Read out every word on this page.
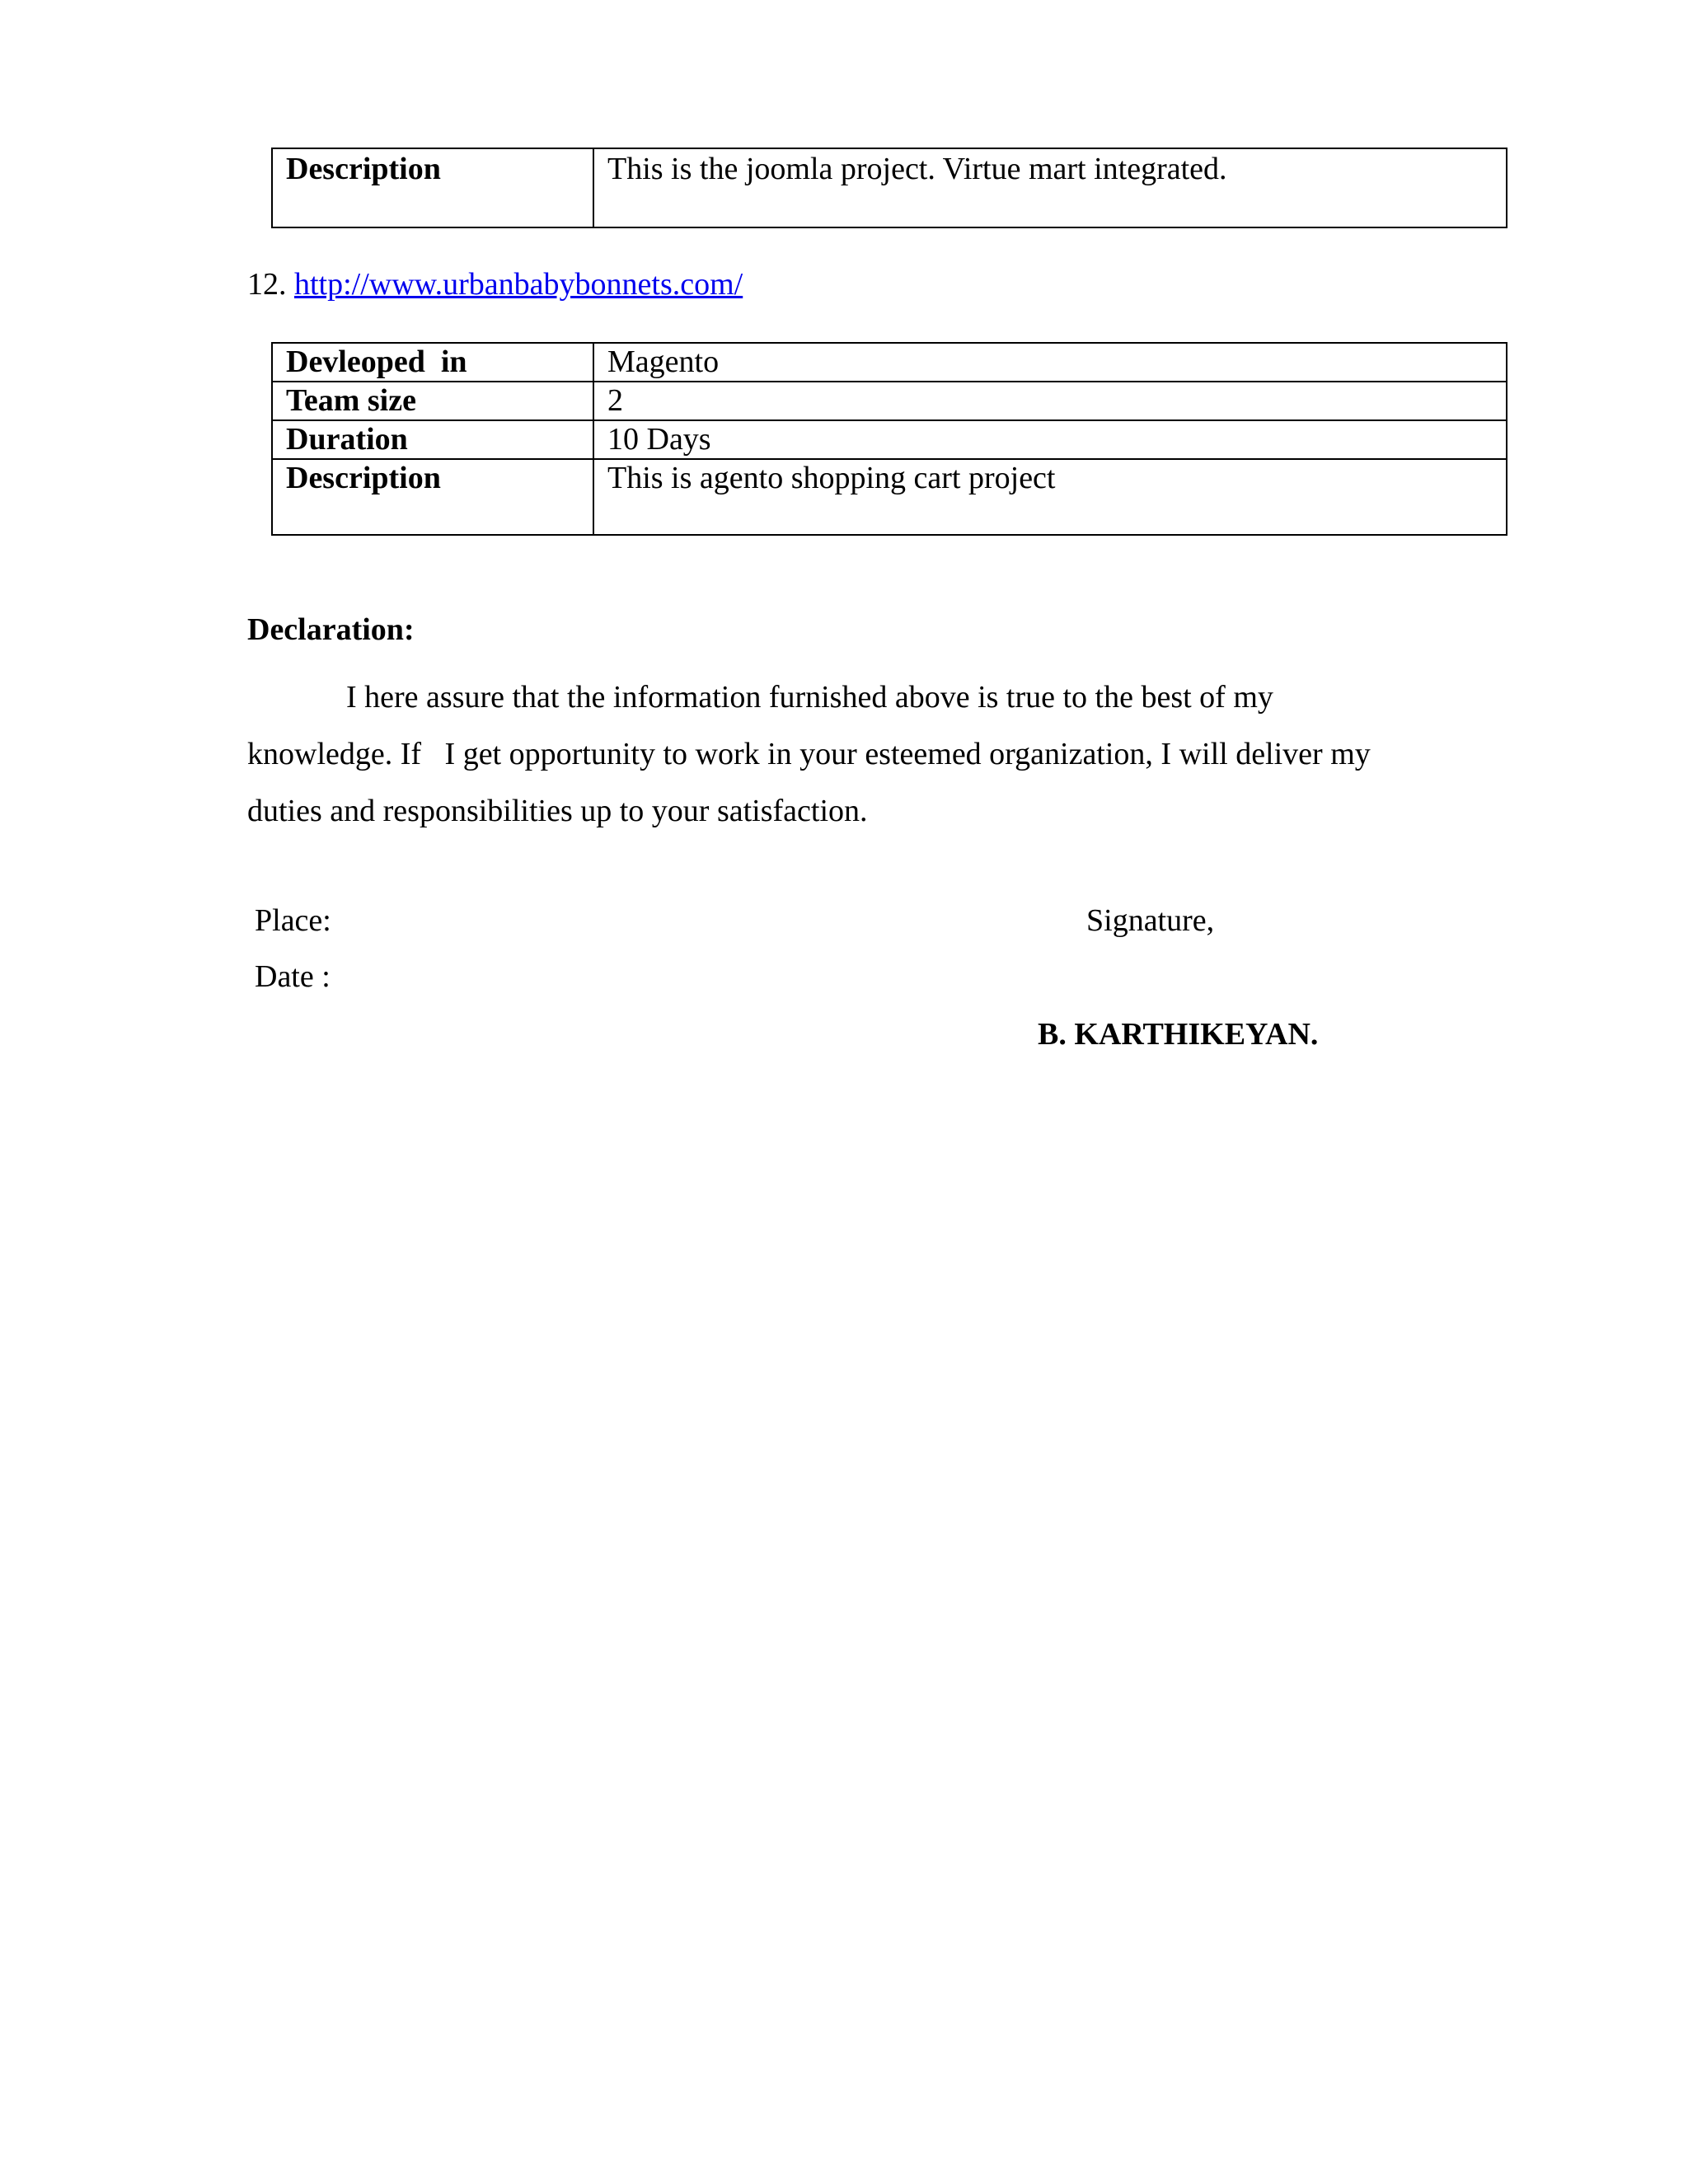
Description	This is the joomla project. Virtue mart integrated.
12. http://www.urbanbabybonnets.com/
Devleoped  in	Magento
Team size	2
Duration	10 Days
Description	This is agento shopping cart project
Declaration:

I here assure that the information furnished above is true to the best of my

knowledge. If   I get opportunity to work in your esteemed organization, I will deliver my

duties and responsibilities up to your satisfaction.

Place:
Date :
Signature,
B. KARTHIKEYAN.
